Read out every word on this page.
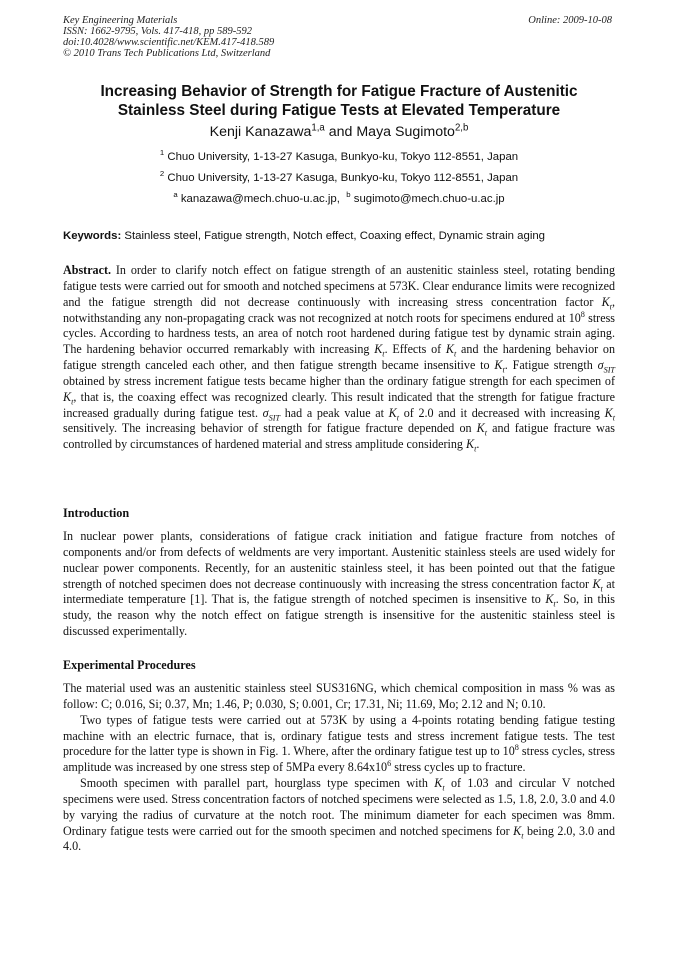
Key Engineering Materials
ISSN: 1662-9795, Vols. 417-418, pp 589-592
doi:10.4028/www.scientific.net/KEM.417-418.589
© 2010 Trans Tech Publications Ltd, Switzerland
Online: 2009-10-08
Increasing Behavior of Strength for Fatigue Fracture of Austenitic
Stainless Steel during Fatigue Tests at Elevated Temperature
Kenji Kanazawa$^{1,a}$ and Maya Sugimoto$^{2,b}$
$^1$ Chuo University, 1-13-27 Kasuga, Bunkyo-ku, Tokyo 112-8551, Japan
$^2$ Chuo University, 1-13-27 Kasuga, Bunkyo-ku, Tokyo 112-8551, Japan
$^a$ kanazawa@mech.chuo-u.ac.jp, $^b$ sugimoto@mech.chuo-u.ac.jp
Keywords: Stainless steel, Fatigue strength, Notch effect, Coaxing effect, Dynamic strain aging
Abstract. In order to clarify notch effect on fatigue strength of an austenitic stainless steel, rotating bending fatigue tests were carried out for smooth and notched specimens at 573K. Clear endurance limits were recognized and the fatigue strength did not decrease continuously with increasing stress concentration factor $K_t$, notwithstanding any non-propagating crack was not recognized at notch roots for specimens endured at $10^8$ stress cycles. According to hardness tests, an area of notch root hardened during fatigue test by dynamic strain aging. The hardening behavior occurred remarkably with increasing $K_t$. Effects of $K_t$ and the hardening behavior on fatigue strength canceled each other, and then fatigue strength became insensitive to $K_t$. Fatigue strength $\sigma_{SIT}$ obtained by stress increment fatigue tests became higher than the ordinary fatigue strength for each specimen of $K_t$, that is, the coaxing effect was recognized clearly. This result indicated that the strength for fatigue fracture increased gradually during fatigue test. $\sigma_{SIT}$ had a peak value at $K_t$ of 2.0 and it decreased with increasing $K_t$ sensitively. The increasing behavior of strength for fatigue fracture depended on $K_t$ and fatigue fracture was controlled by circumstances of hardened material and stress amplitude considering $K_t$.
Introduction
In nuclear power plants, considerations of fatigue crack initiation and fatigue fracture from notches of components and/or from defects of weldments are very important. Austenitic stainless steels are used widely for nuclear power components. Recently, for an austenitic stainless steel, it has been pointed out that the fatigue strength of notched specimen does not decrease continuously with increasing the stress concentration factor $K_t$ at intermediate temperature [1]. That is, the fatigue strength of notched specimen is insensitive to $K_t$. So, in this study, the reason why the notch effect on fatigue strength is insensitive for the austenitic stainless steel is discussed experimentally.
Experimental Procedures

The material used was an austenitic stainless steel SUS316NG, which chemical composition in mass % was as follow: C; 0.016, Si; 0.37, Mn; 1.46, P; 0.030, S; 0.001, Cr; 17.31, Ni; 11.69, Mo; 2.12 and N; 0.10.

Two types of fatigue tests were carried out at 573K by using a 4-points rotating bending fatigue testing machine with an electric furnace, that is, ordinary fatigue tests and stress increment fatigue tests. The test procedure for the latter type is shown in Fig. 1. Where, after the ordinary fatigue test up to $10^8$ stress cycles, stress amplitude was increased by one stress step of 5MPa every $8.64x10^6$ stress cycles up to fracture.

Smooth specimen with parallel part, hourglass type specimen with $K_t$ of 1.03 and circular V notched specimens were used. Stress concentration factors of notched specimens were selected as 1.5, 1.8, 2.0, 3.0 and 4.0 by varying the radius of curvature at the notch root. The minimum diameter for each specimen was 8mm. Ordinary fatigue tests were carried out for the smooth specimen and notched specimens for $K_t$ being 2.0, 3.0 and 4.0.
